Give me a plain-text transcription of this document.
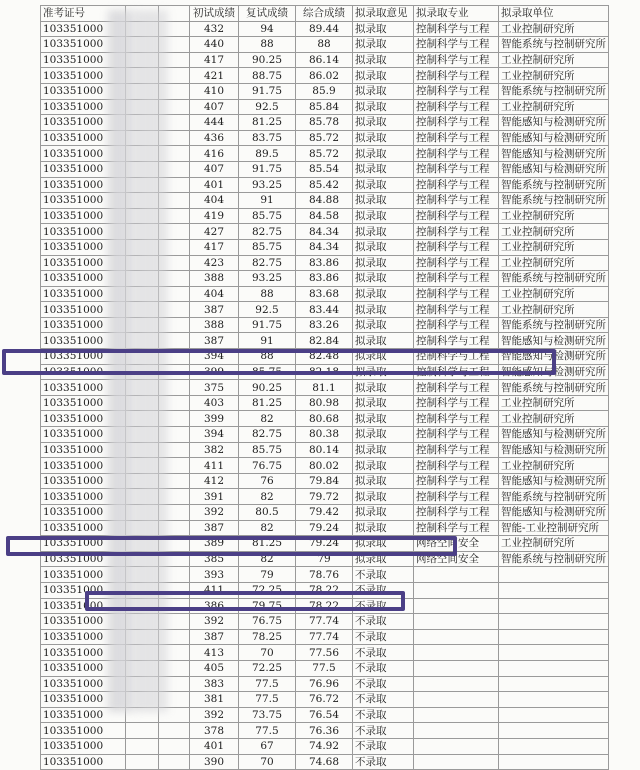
准考证号			初试成绩	复试成绩	综合成绩	拟录取意见	拟录取专业	拟录取单位
103351000			432	94	89.44	拟录取	控制科学与工程	工业控制研究所
103351000			440	88	88	拟录取	控制科学与工程	智能系统与控制研究所
103351000			417	90.25	86.14	拟录取	控制科学与工程	工业控制研究所
103351000			421	88.75	86.02	拟录取	控制科学与工程	工业控制研究所
103351000			410	91.75	85.9	拟录取	控制科学与工程	智能系统与控制研究所
103351000			407	92.5	85.84	拟录取	控制科学与工程	工业控制研究所
103351000			444	81.25	85.78	拟录取	控制科学与工程	智能感知与检测研究所
103351000			436	83.75	85.72	拟录取	控制科学与工程	智能感知与检测研究所
103351000			416	89.5	85.72	拟录取	控制科学与工程	智能感知与检测研究所
103351000			407	91.75	85.54	拟录取	控制科学与工程	智能感知与检测研究所
103351000			401	93.25	85.42	拟录取	控制科学与工程	智能系统与控制研究所
103351000			404	91	84.88	拟录取	控制科学与工程	智能系统与控制研究所
103351000			419	85.75	84.58	拟录取	控制科学与工程	工业控制研究所
103351000			427	82.75	84.34	拟录取	控制科学与工程	工业控制研究所
103351000			417	85.75	84.34	拟录取	控制科学与工程	工业控制研究所
103351000			423	82.75	83.86	拟录取	控制科学与工程	工业控制研究所
103351000			388	93.25	83.86	拟录取	控制科学与工程	智能系统与控制研究所
103351000			404	88	83.68	拟录取	控制科学与工程	工业控制研究所
103351000			387	92.5	83.44	拟录取	控制科学与工程	工业控制研究所
103351000			388	91.75	83.26	拟录取	控制科学与工程	智能系统与控制研究所
103351000			387	91	82.84	拟录取	控制科学与工程	智能感知与检测研究所
103351000			394	88	82.48	拟录取	控制科学与工程	智能感知与检测研究所
103351000			399	85.75	82.18	拟录取	控制科学与工程	智能感知与检测研究所
103351000			375	90.25	81.1	拟录取	控制科学与工程	智能系统与控制研究所
103351000			403	81.25	80.98	拟录取	控制科学与工程	工业控制研究所
103351000			399	82	80.68	拟录取	控制科学与工程	工业控制研究所
103351000			394	82.75	80.38	拟录取	控制科学与工程	智能感知与检测研究所
103351000			382	85.75	80.14	拟录取	控制科学与工程	智能感知与检测研究所
103351000			411	76.75	80.02	拟录取	控制科学与工程	工业控制研究所
103351000			412	76	79.84	拟录取	控制科学与工程	智能感知与检测研究所
103351000			391	82	79.72	拟录取	控制科学与工程	智能系统与控制研究所
103351000			392	80.5	79.42	拟录取	控制科学与工程	智能感知与检测研究所
103351000			387	82	79.24	拟录取	控制科学与工程	智能-工业控制研究所
103351000			389	81.25	79.24	拟录取	网络空间安全	工业控制研究所
103351000			385	82	79	拟录取	网络空间安全	智能系统与控制研究所
103351000			393	79	78.76	不录取		
103351000			411	72.25	78.22	不录取		
103351000			386	79.75	78.22	不录取		
103351000			392	76.75	77.74	不录取		
103351000			387	78.25	77.74	不录取		
103351000			413	70	77.56	不录取		
103351000			405	72.25	77.5	不录取		
103351000			383	77.5	76.96	不录取		
103351000			381	77.5	76.72	不录取		
103351000			392	73.75	76.54	不录取		
103351000			378	77.5	76.36	不录取		
103351000			401	67	74.92	不录取		
103351000			390	70	74.68	不录取		
